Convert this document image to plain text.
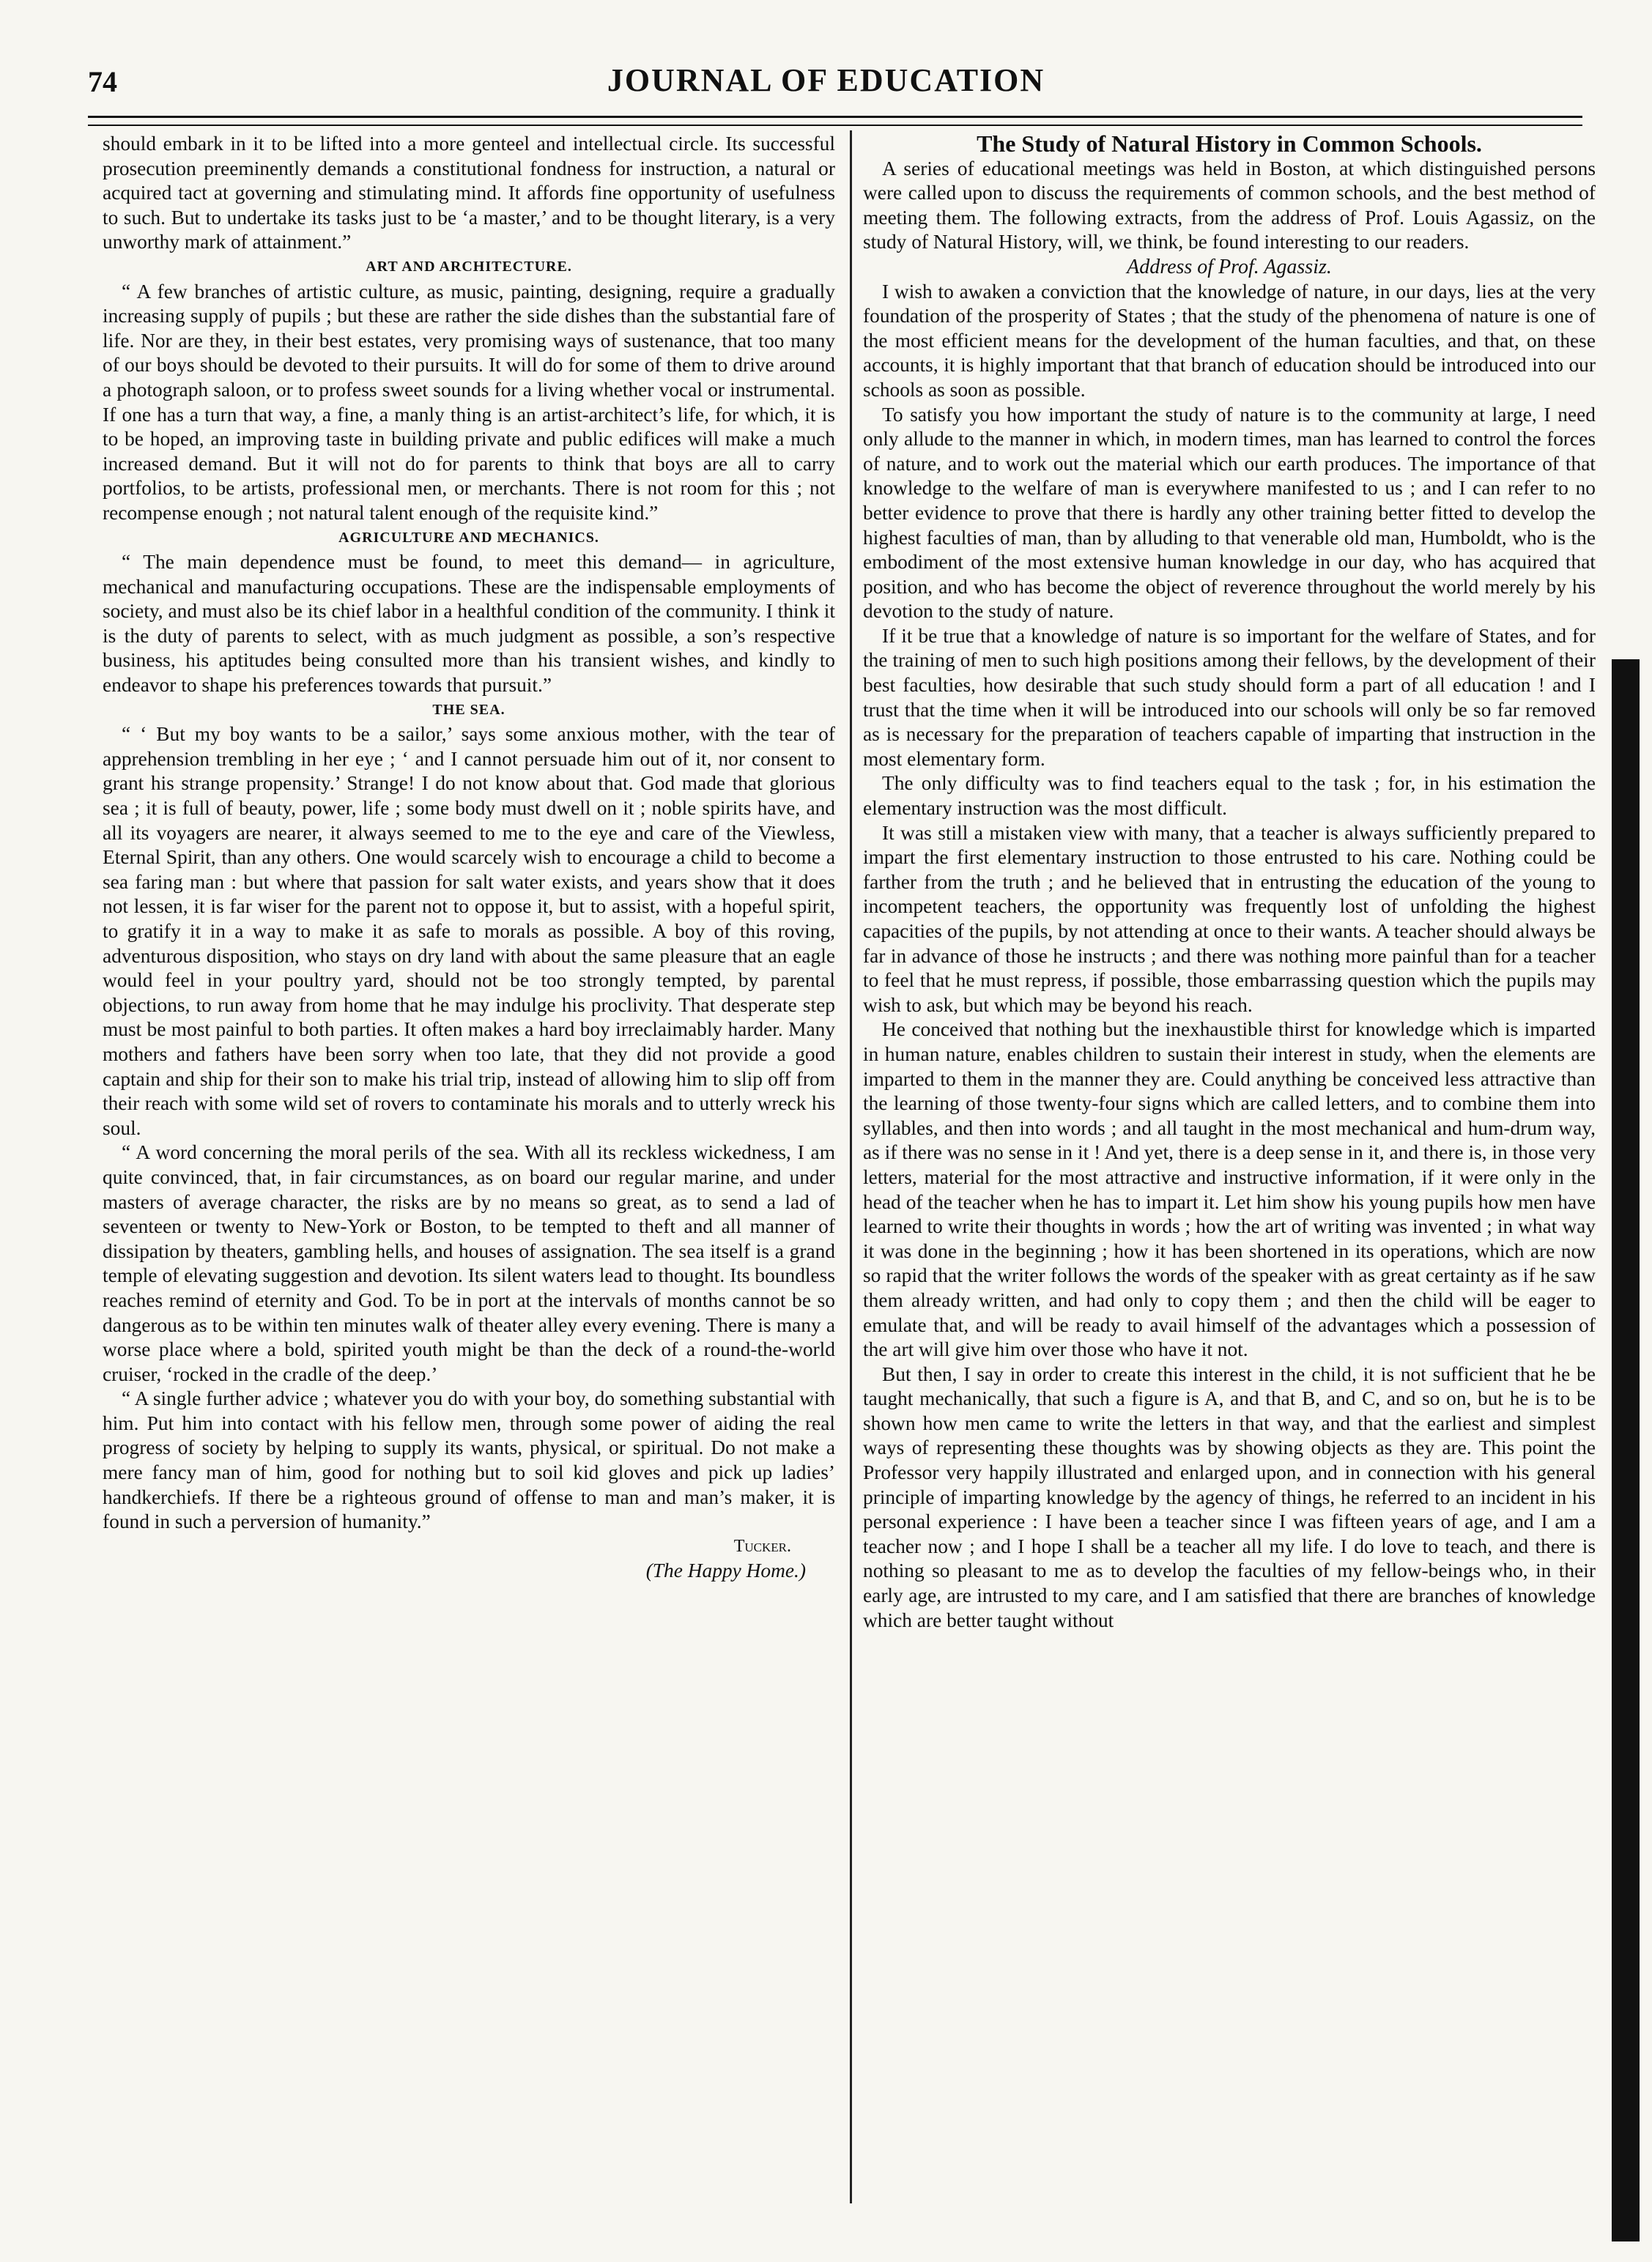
74	JOURNAL OF EDUCATION

should embark in it to be lifted into a more genteel and intellectual circle. Its successful prosecution preeminently demands a constitutional fondness for instruction, a natural or acquired tact at governing and stimulating mind. It affords fine opportunity of usefulness to such. But to undertake its tasks just to be ‘a master,’ and to be thought literary, is a very unworthy mark of attainment.”

ART AND ARCHITECTURE.

“ A few branches of artistic culture, as music, painting, designing, require a gradually increasing supply of pupils ; but these are rather the side dishes than the substantial fare of life. Nor are they, in their best estates, very promising ways of sustenance, that too many of our boys should be devoted to their pursuits. It will do for some of them to drive around a photograph saloon, or to profess sweet sounds for a living whether vocal or instrumental. If one has a turn that way, a fine, a manly thing is an artist-architect’s life, for which, it is to be hoped, an improving taste in building private and public edifices will make a much increased demand. But it will not do for parents to think that boys are all to carry portfolios, to be artists, professional men, or merchants. There is not room for this ; not recompense enough ; not natural talent enough of the requisite kind.”

AGRICULTURE AND MECHANICS.

“ The main dependence must be found, to meet this demand— in agriculture, mechanical and manufacturing occupations. These are the indispensable employments of society, and must also be its chief labor in a healthful condition of the community. I think it is the duty of parents to select, with as much judgment as possible, a son’s respective business, his aptitudes being consulted more than his transient wishes, and kindly to endeavor to shape his preferences towards that pursuit.”

THE SEA.

“ ‘ But my boy wants to be a sailor,’ says some anxious mother, with the tear of apprehension trembling in her eye ; ‘ and I cannot persuade him out of it, nor consent to grant his strange propensity.’ Strange! I do not know about that. God made that glorious sea ; it is full of beauty, power, life ; some body must dwell on it ; noble spirits have, and all its voyagers are nearer, it always seemed to me to the eye and care of the Viewless, Eternal Spirit, than any others. One would scarcely wish to encourage a child to become a sea faring man : but where that passion for salt water exists, and years show that it does not lessen, it is far wiser for the parent not to oppose it, but to assist, with a hopeful spirit, to gratify it in a way to make it as safe to morals as possible. A boy of this roving, adventurous disposition, who stays on dry land with about the same pleasure that an eagle would feel in your poultry yard, should not be too strongly tempted, by parental objections, to run away from home that he may indulge his proclivity. That desperate step must be most painful to both parties. It often makes a hard boy irreclaimably harder. Many mothers and fathers have been sorry when too late, that they did not provide a good captain and ship for their son to make his trial trip, instead of allowing him to slip off from their reach with some wild set of rovers to contaminate his morals and to utterly wreck his soul.

“ A word concerning the moral perils of the sea. With all its reckless wickedness, I am quite convinced, that, in fair circumstances, as on board our regular marine, and under masters of average character, the risks are by no means so great, as to send a lad of seventeen or twenty to New-York or Boston, to be tempted to theft and all manner of dissipation by theaters, gambling hells, and houses of assignation. The sea itself is a grand temple of elevating suggestion and devotion. Its silent waters lead to thought. Its boundless reaches remind of eternity and God. To be in port at the intervals of months cannot be so dangerous as to be within ten minutes walk of theater alley every evening. There is many a worse place where a bold, spirited youth might be than the deck of a round-the-world cruiser, ‘rocked in the cradle of the deep.’

“ A single further advice ; whatever you do with your boy, do something substantial with him. Put him into contact with his fellow men, through some power of aiding the real progress of society by helping to supply its wants, physical, or spiritual. Do not make a mere fancy man of him, good for nothing but to soil kid gloves and pick up ladies’ handkerchiefs. If there be a righteous ground of offense to man and man’s maker, it is found in such a perversion of humanity.”

Tucker.

(The Happy Home.)

The Study of Natural History in Common Schools.

A series of educational meetings was held in Boston, at which distinguished persons were called upon to discuss the requirements of common schools, and the best method of meeting them. The following extracts, from the address of Prof. Louis Agassiz, on the study of Natural History, will, we think, be found interesting to our readers.

Address of Prof. Agassiz.

I wish to awaken a conviction that the knowledge of nature, in our days, lies at the very foundation of the prosperity of States ; that the study of the phenomena of nature is one of the most efficient means for the development of the human faculties, and that, on these accounts, it is highly important that that branch of education should be introduced into our schools as soon as possible.

To satisfy you how important the study of nature is to the community at large, I need only allude to the manner in which, in modern times, man has learned to control the forces of nature, and to work out the material which our earth produces. The importance of that knowledge to the welfare of man is everywhere manifested to us ; and I can refer to no better evidence to prove that there is hardly any other training better fitted to develop the highest faculties of man, than by alluding to that venerable old man, Humboldt, who is the embodiment of the most extensive human knowledge in our day, who has acquired that position, and who has become the object of reverence throughout the world merely by his devotion to the study of nature.

If it be true that a knowledge of nature is so important for the welfare of States, and for the training of men to such high positions among their fellows, by the development of their best faculties, how desirable that such study should form a part of all education ! and I trust that the time when it will be introduced into our schools will only be so far removed as is necessary for the preparation of teachers capable of imparting that instruction in the most elementary form.

The only difficulty was to find teachers equal to the task ; for, in his estimation the elementary instruction was the most difficult.

It was still a mistaken view with many, that a teacher is always sufficiently prepared to impart the first elementary instruction to those entrusted to his care. Nothing could be farther from the truth ; and he believed that in entrusting the education of the young to incompetent teachers, the opportunity was frequently lost of unfolding the highest capacities of the pupils, by not attending at once to their wants. A teacher should always be far in advance of those he instructs ; and there was nothing more painful than for a teacher to feel that he must repress, if possible, those embarrassing question which the pupils may wish to ask, but which may be beyond his reach.

He conceived that nothing but the inexhaustible thirst for knowledge which is imparted in human nature, enables children to sustain their interest in study, when the elements are imparted to them in the manner they are. Could anything be conceived less attractive than the learning of those twenty-four signs which are called letters, and to combine them into syllables, and then into words ; and all taught in the most mechanical and hum-drum way, as if there was no sense in it ! And yet, there is a deep sense in it, and there is, in those very letters, material for the most attractive and instructive information, if it were only in the head of the teacher when he has to impart it. Let him show his young pupils how men have learned to write their thoughts in words ; how the art of writing was invented ; in what way it was done in the beginning ; how it has been shortened in its operations, which are now so rapid that the writer follows the words of the speaker with as great certainty as if he saw them already written, and had only to copy them ; and then the child will be eager to emulate that, and will be ready to avail himself of the advantages which a possession of the art will give him over those who have it not.

But then, I say in order to create this interest in the child, it is not sufficient that he be taught mechanically, that such a figure is A, and that B, and C, and so on, but he is to be shown how men came to write the letters in that way, and that the earliest and simplest ways of representing these thoughts was by showing objects as they are. This point the Professor very happily illustrated and enlarged upon, and in connection with his general principle of imparting knowledge by the agency of things, he referred to an incident in his personal experience : I have been a teacher since I was fifteen years of age, and I am a teacher now ; and I hope I shall be a teacher all my life. I do love to teach, and there is nothing so pleasant to me as to develop the faculties of my fellow-beings who, in their early age, are intrusted to my care, and I am satisfied that there are branches of knowledge which are better taught without
